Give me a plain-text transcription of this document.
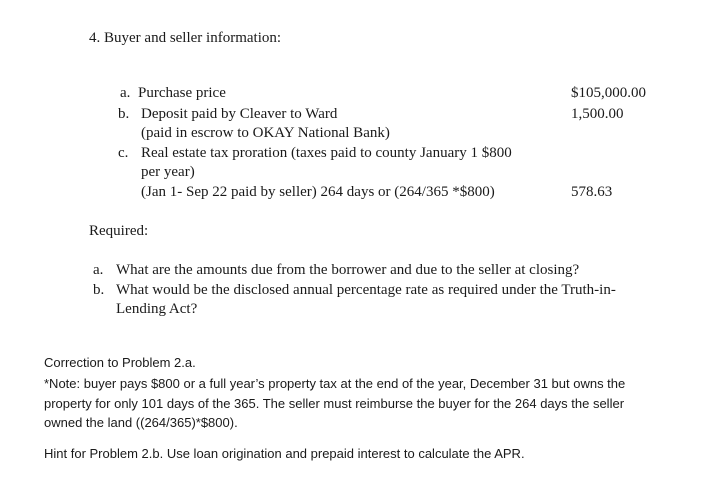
4. Buyer and seller information:
a. Purchase price	$105,000.00
b. Deposit paid by Cleaver to Ward	1,500.00
(paid in escrow to OKAY National Bank)
c. Real estate tax proration (taxes paid to county January 1 $800
per year)
(Jan 1- Sep 22 paid by seller) 264 days or (264/365 *$800)	578.63
Required:
a. What are the amounts due from the borrower and due to the seller at closing?
b. What would be the disclosed annual percentage rate as required under the Truth-in-
Lending Act?
Correction to Problem 2.a.
*Note: buyer pays $800 or a full year’s property tax at the end of the year, December 31 but owns the
property for only 101 days of the 365. The seller must reimburse the buyer for the 264 days the seller
owned the land ((264/365)*$800).
Hint for Problem 2.b. Use loan origination and prepaid interest to calculate the APR.
